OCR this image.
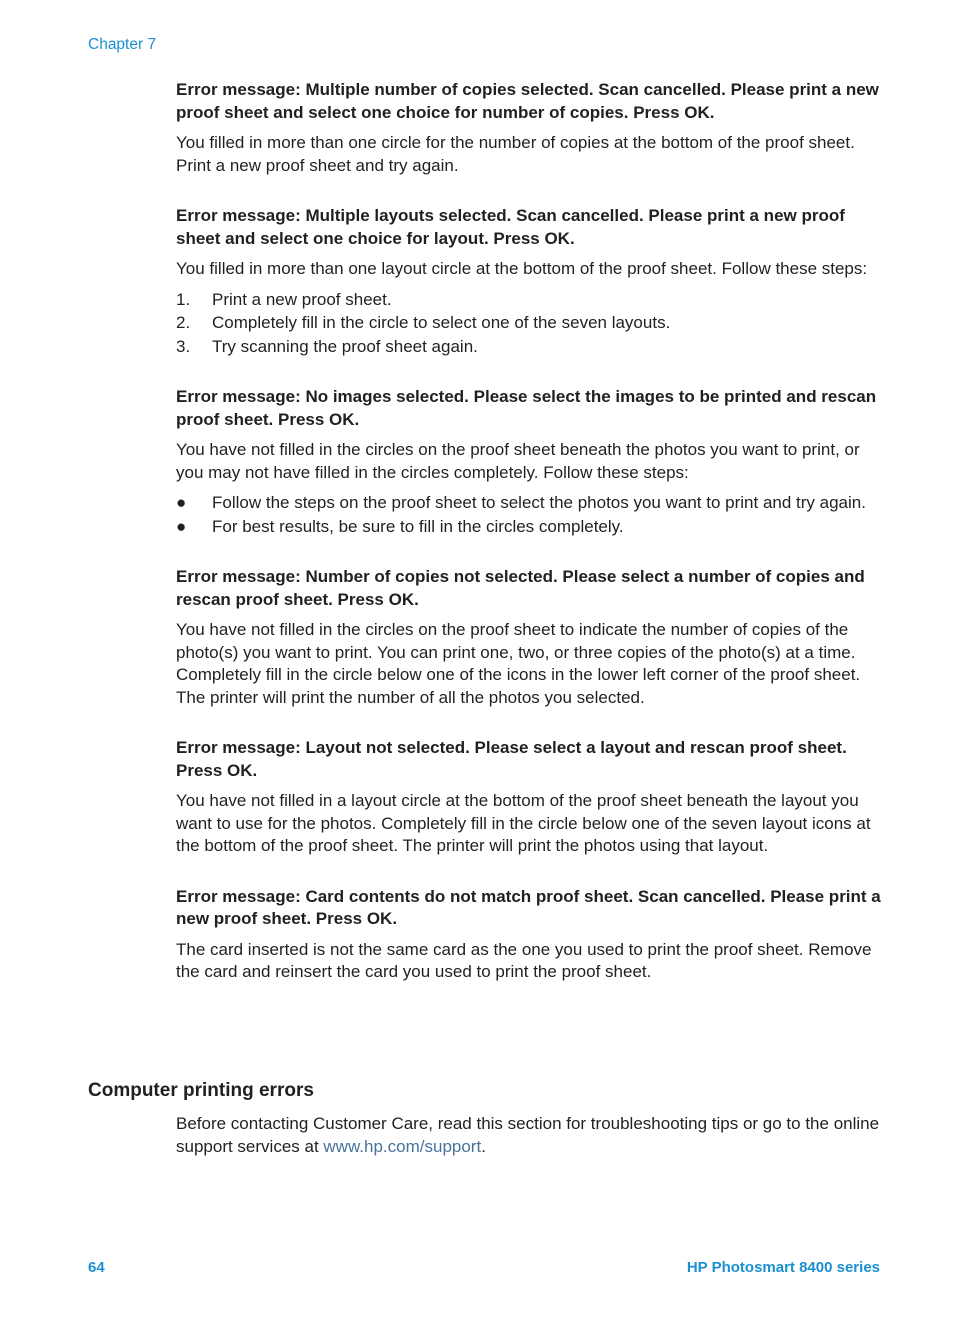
Chapter 7

Error message: Multiple number of copies selected. Scan cancelled. Please print a new proof sheet and select one choice for number of copies. Press OK.

You filled in more than one circle for the number of copies at the bottom of the proof sheet. Print a new proof sheet and try again.

Error message: Multiple layouts selected. Scan cancelled. Please print a new proof sheet and select one choice for layout. Press OK.

You filled in more than one layout circle at the bottom of the proof sheet. Follow these steps:

1. Print a new proof sheet.
2. Completely fill in the circle to select one of the seven layouts.
3. Try scanning the proof sheet again.

Error message: No images selected. Please select the images to be printed and rescan proof sheet. Press OK.

You have not filled in the circles on the proof sheet beneath the photos you want to print, or you may not have filled in the circles completely. Follow these steps:

● Follow the steps on the proof sheet to select the photos you want to print and try again.
● For best results, be sure to fill in the circles completely.

Error message: Number of copies not selected. Please select a number of copies and rescan proof sheet. Press OK.

You have not filled in the circles on the proof sheet to indicate the number of copies of the photo(s) you want to print. You can print one, two, or three copies of the photo(s) at a time. Completely fill in the circle below one of the icons in the lower left corner of the proof sheet. The printer will print the number of all the photos you selected.

Error message: Layout not selected. Please select a layout and rescan proof sheet. Press OK.

You have not filled in a layout circle at the bottom of the proof sheet beneath the layout you want to use for the photos. Completely fill in the circle below one of the seven layout icons at the bottom of the proof sheet. The printer will print the photos using that layout.

Error message: Card contents do not match proof sheet. Scan cancelled. Please print a new proof sheet. Press OK.

The card inserted is not the same card as the one you used to print the proof sheet. Remove the card and reinsert the card you used to print the proof sheet.

Computer printing errors

Before contacting Customer Care, read this section for troubleshooting tips or go to the online support services at www.hp.com/support.

64	HP Photosmart 8400 series
